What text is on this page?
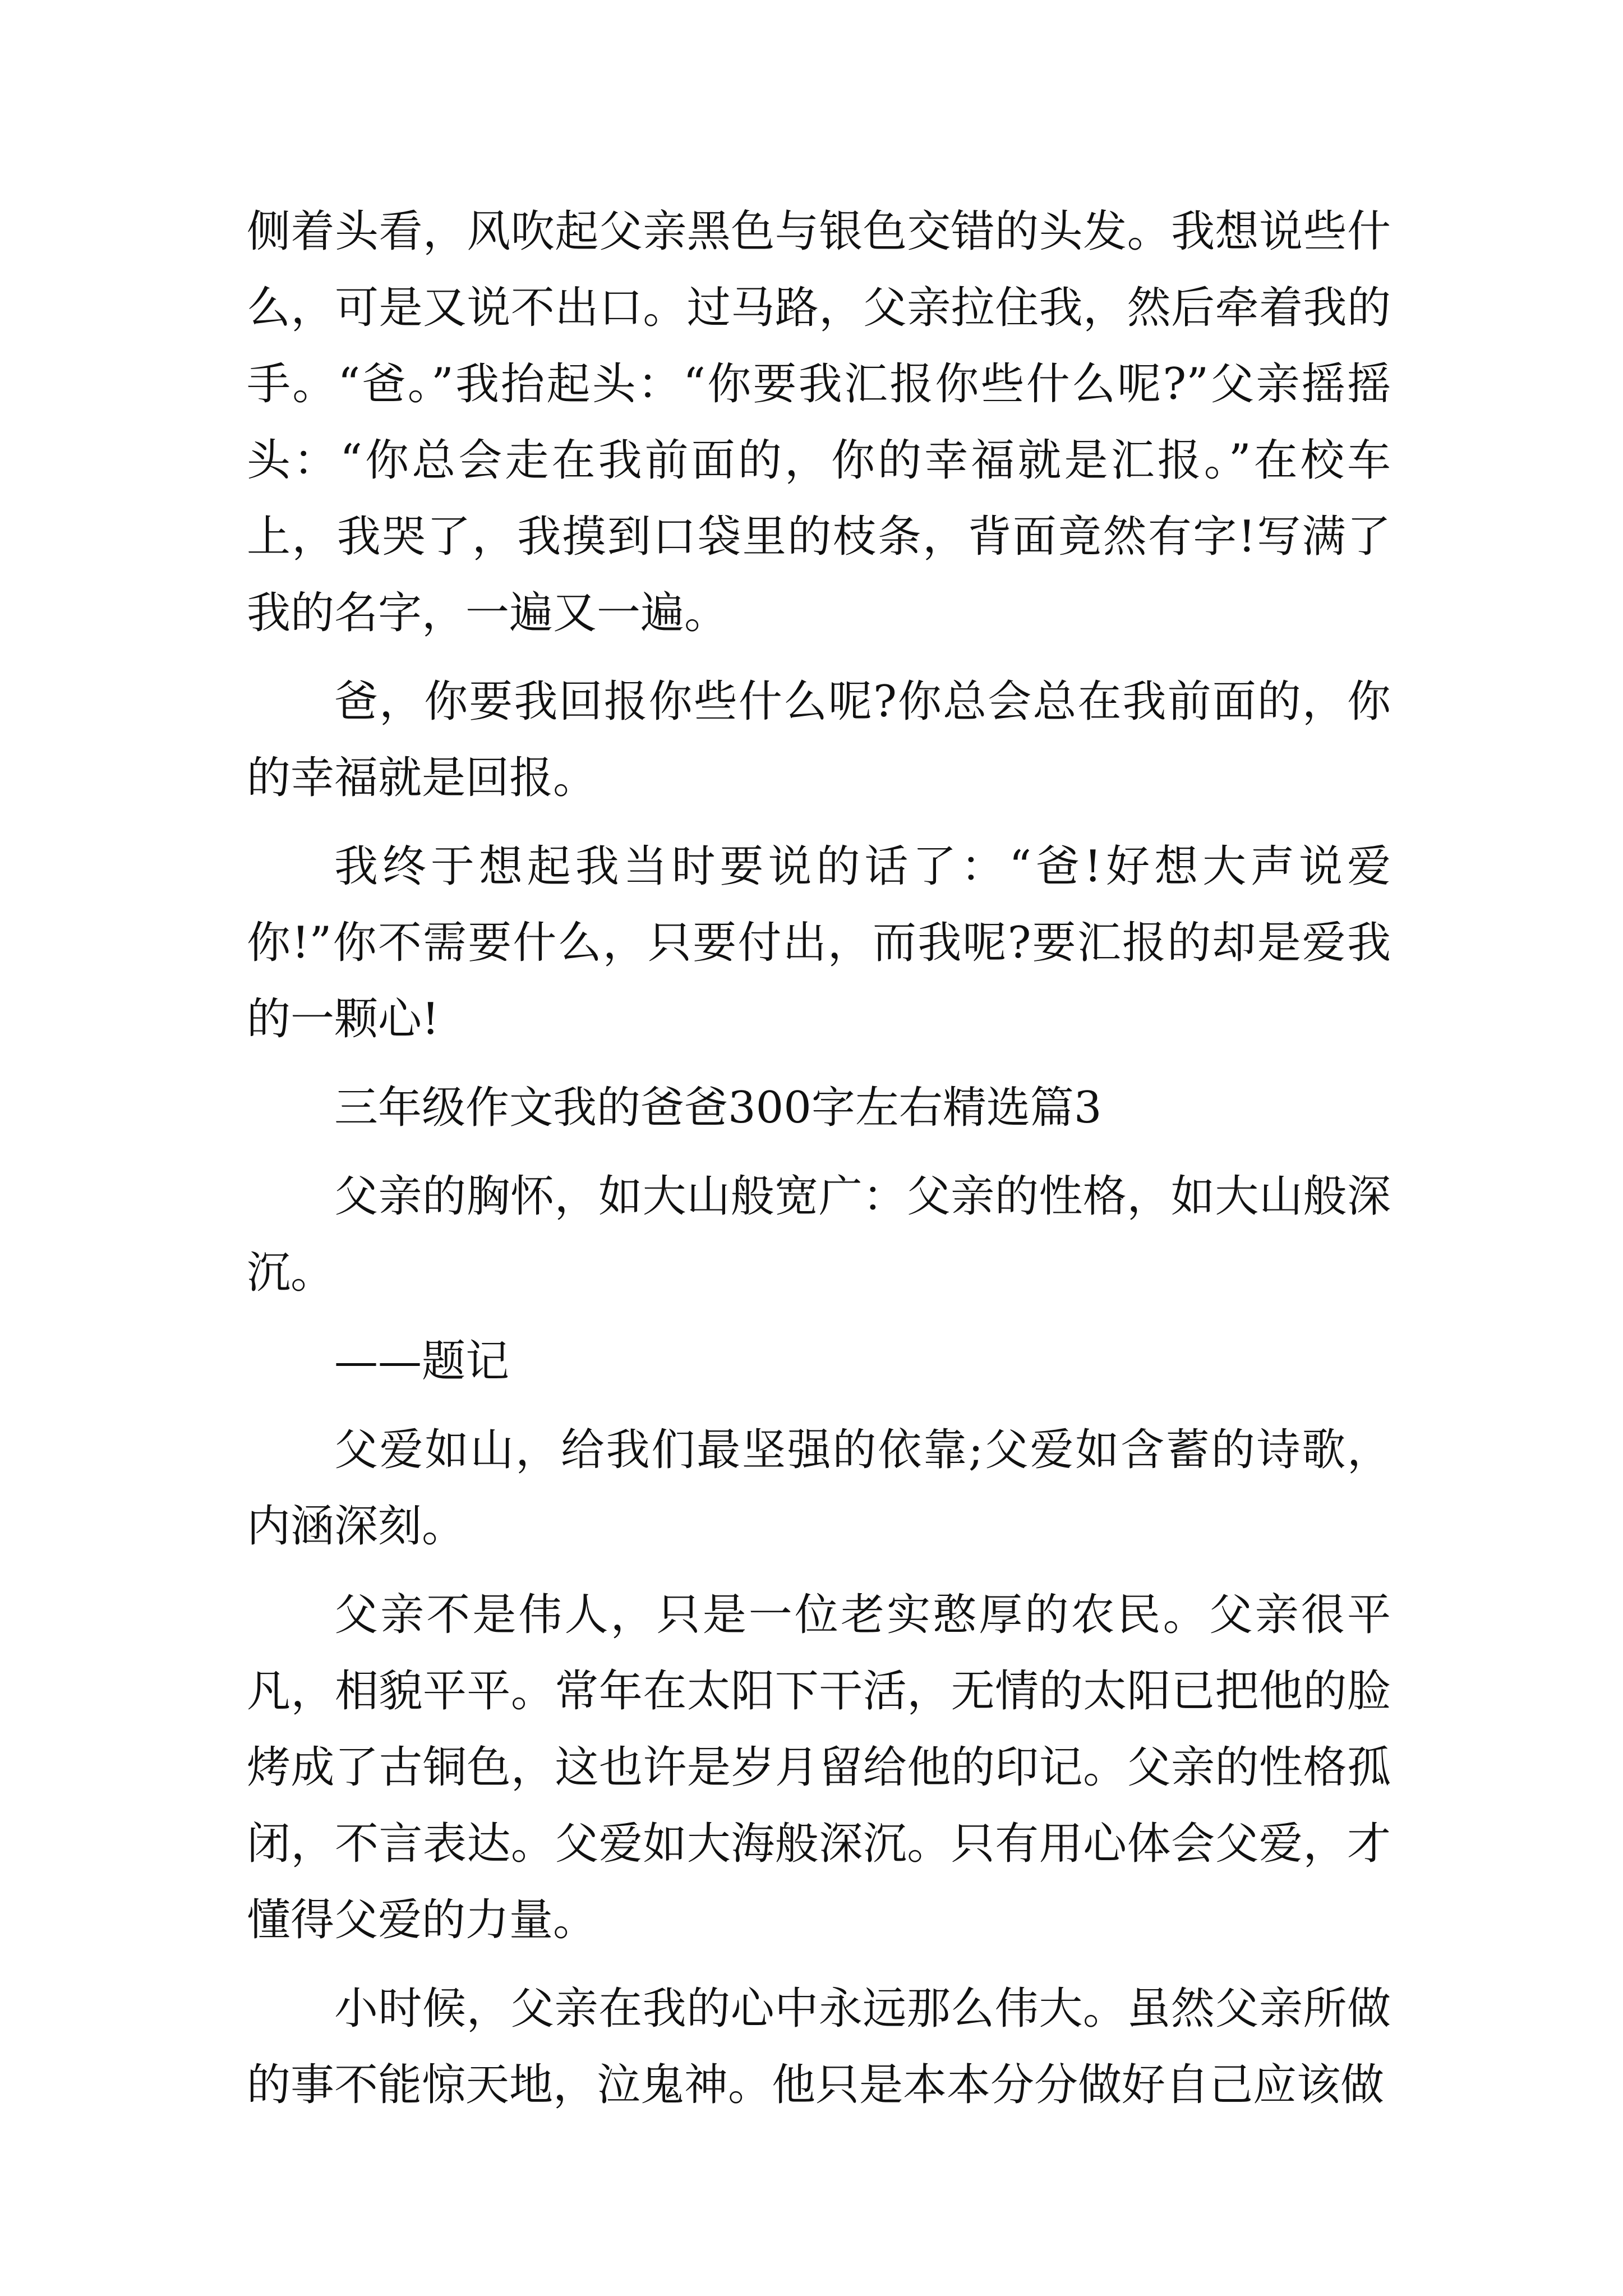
侧着头看，风吹起父亲黑色与银色交错的头发。我想说些什么，可是又说不出口。过马路，父亲拉住我，然后牵着我的手。“爸。”我抬起头：“你要我汇报你些什么呢?”父亲摇摇头：“你总会走在我前面的，你的幸福就是汇报。”在校车上，我哭了，我摸到口袋里的枝条，背面竟然有字!写满了我的名字，一遍又一遍。

爸，你要我回报你些什么呢?你总会总在我前面的，你的幸福就是回报。

我终于想起我当时要说的话了：“爸!好想大声说爱你!”你不需要什么，只要付出，而我呢?要汇报的却是爱我的一颗心!

三年级作文我的爸爸300字左右精选篇3

父亲的胸怀，如大山般宽广：父亲的性格，如大山般深沉。

——题记

父爱如山，给我们最坚强的依靠;父爱如含蓄的诗歌，内涵深刻。

父亲不是伟人，只是一位老实憨厚的农民。父亲很平凡，相貌平平。常年在太阳下干活，无情的太阳已把他的脸烤成了古铜色，这也许是岁月留给他的印记。父亲的性格孤闭，不言表达。父爱如大海般深沉。只有用心体会父爱，才懂得父爱的力量。

小时候，父亲在我的心中永远那么伟大。虽然父亲所做的事不能惊天地，泣鬼神。他只是本本分分做好自己应该做
